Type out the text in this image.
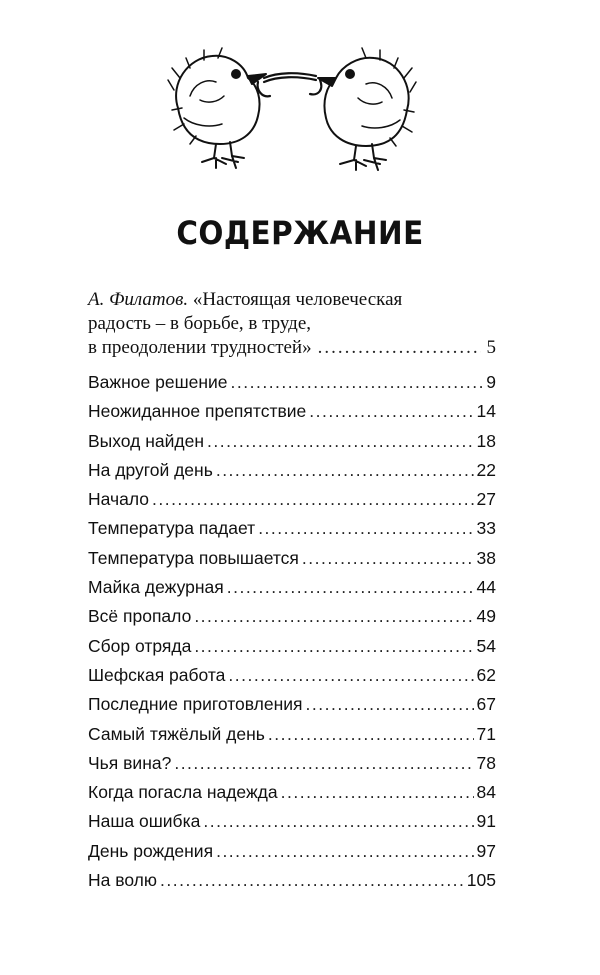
СОДЕРЖАНИЕ
А. Филатов. «Настоящая человеческая
радость – в борьбе, в труде,
в преодолении трудностей» .....	5
Важное решение .....	9
Неожиданное препятствие .....	14
Выход найден .....	18
На другой день .....	22
Начало .....	27
Температура падает .....	33
Температура повышается .....	38
Майка дежурная .....	44
Всё пропало .....	49
Сбор отряда .....	54
Шефская работа .....	62
Последние приготовления .....	67
Самый тяжёлый день .....	71
Чья вина? .....	78
Когда погасла надежда .....	84
Наша ошибка .....	91
День рождения .....	97
На волю .....	105
